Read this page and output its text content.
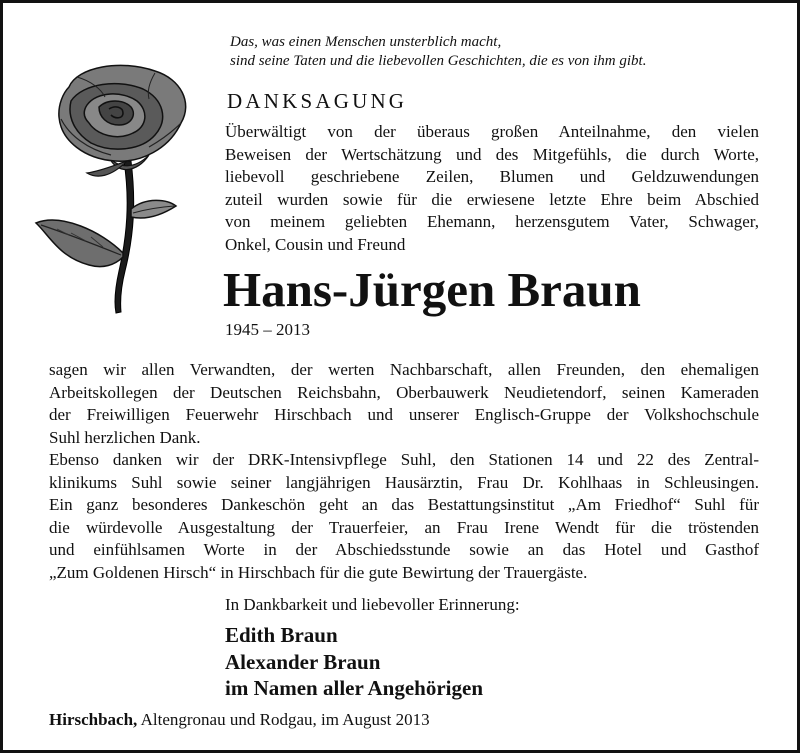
Das, was einen Menschen unsterblich macht,
sind seine Taten und die liebevollen Geschichten, die es von ihm gibt.
DANKSAGUNG
Überwältigt von der überaus großen Anteilnahme, den vielen
Beweisen der Wertschätzung und des Mitgefühls, die durch Worte,
liebevoll geschriebene Zeilen, Blumen und Geldzuwendungen
zuteil wurden sowie für die erwiesene letzte Ehre beim Abschied
von meinem geliebten Ehemann, herzensgutem Vater, Schwager,
Onkel, Cousin und Freund
Hans-Jürgen Braun
1945 – 2013
sagen wir allen Verwandten, der werten Nachbarschaft, allen Freunden, den ehemaligen
Arbeitskollegen der Deutschen Reichsbahn, Oberbauwerk Neudietendorf, seinen Kameraden
der Freiwilligen Feuerwehr Hirschbach und unserer Englisch-Gruppe der Volkshochschule
Suhl herzlichen Dank.
Ebenso danken wir der DRK-Intensivpflege Suhl, den Stationen 14 und 22 des Zentral-
klinikums Suhl sowie seiner langjährigen Hausärztin, Frau Dr. Kohlhaas in Schleusingen.
Ein ganz besonderes Dankeschön geht an das Bestattungsinstitut „Am Friedhof“ Suhl für
die würdevolle Ausgestaltung der Trauerfeier, an Frau Irene Wendt für die tröstenden
und einfühlsamen Worte in der Abschiedsstunde sowie an das Hotel und Gasthof
„Zum Goldenen Hirsch“ in Hirschbach für die gute Bewirtung der Trauergäste.
In Dankbarkeit und liebevoller Erinnerung:
Edith Braun
Alexander Braun
im Namen aller Angehörigen
Hirschbach, Altengronau und Rodgau, im August 2013
